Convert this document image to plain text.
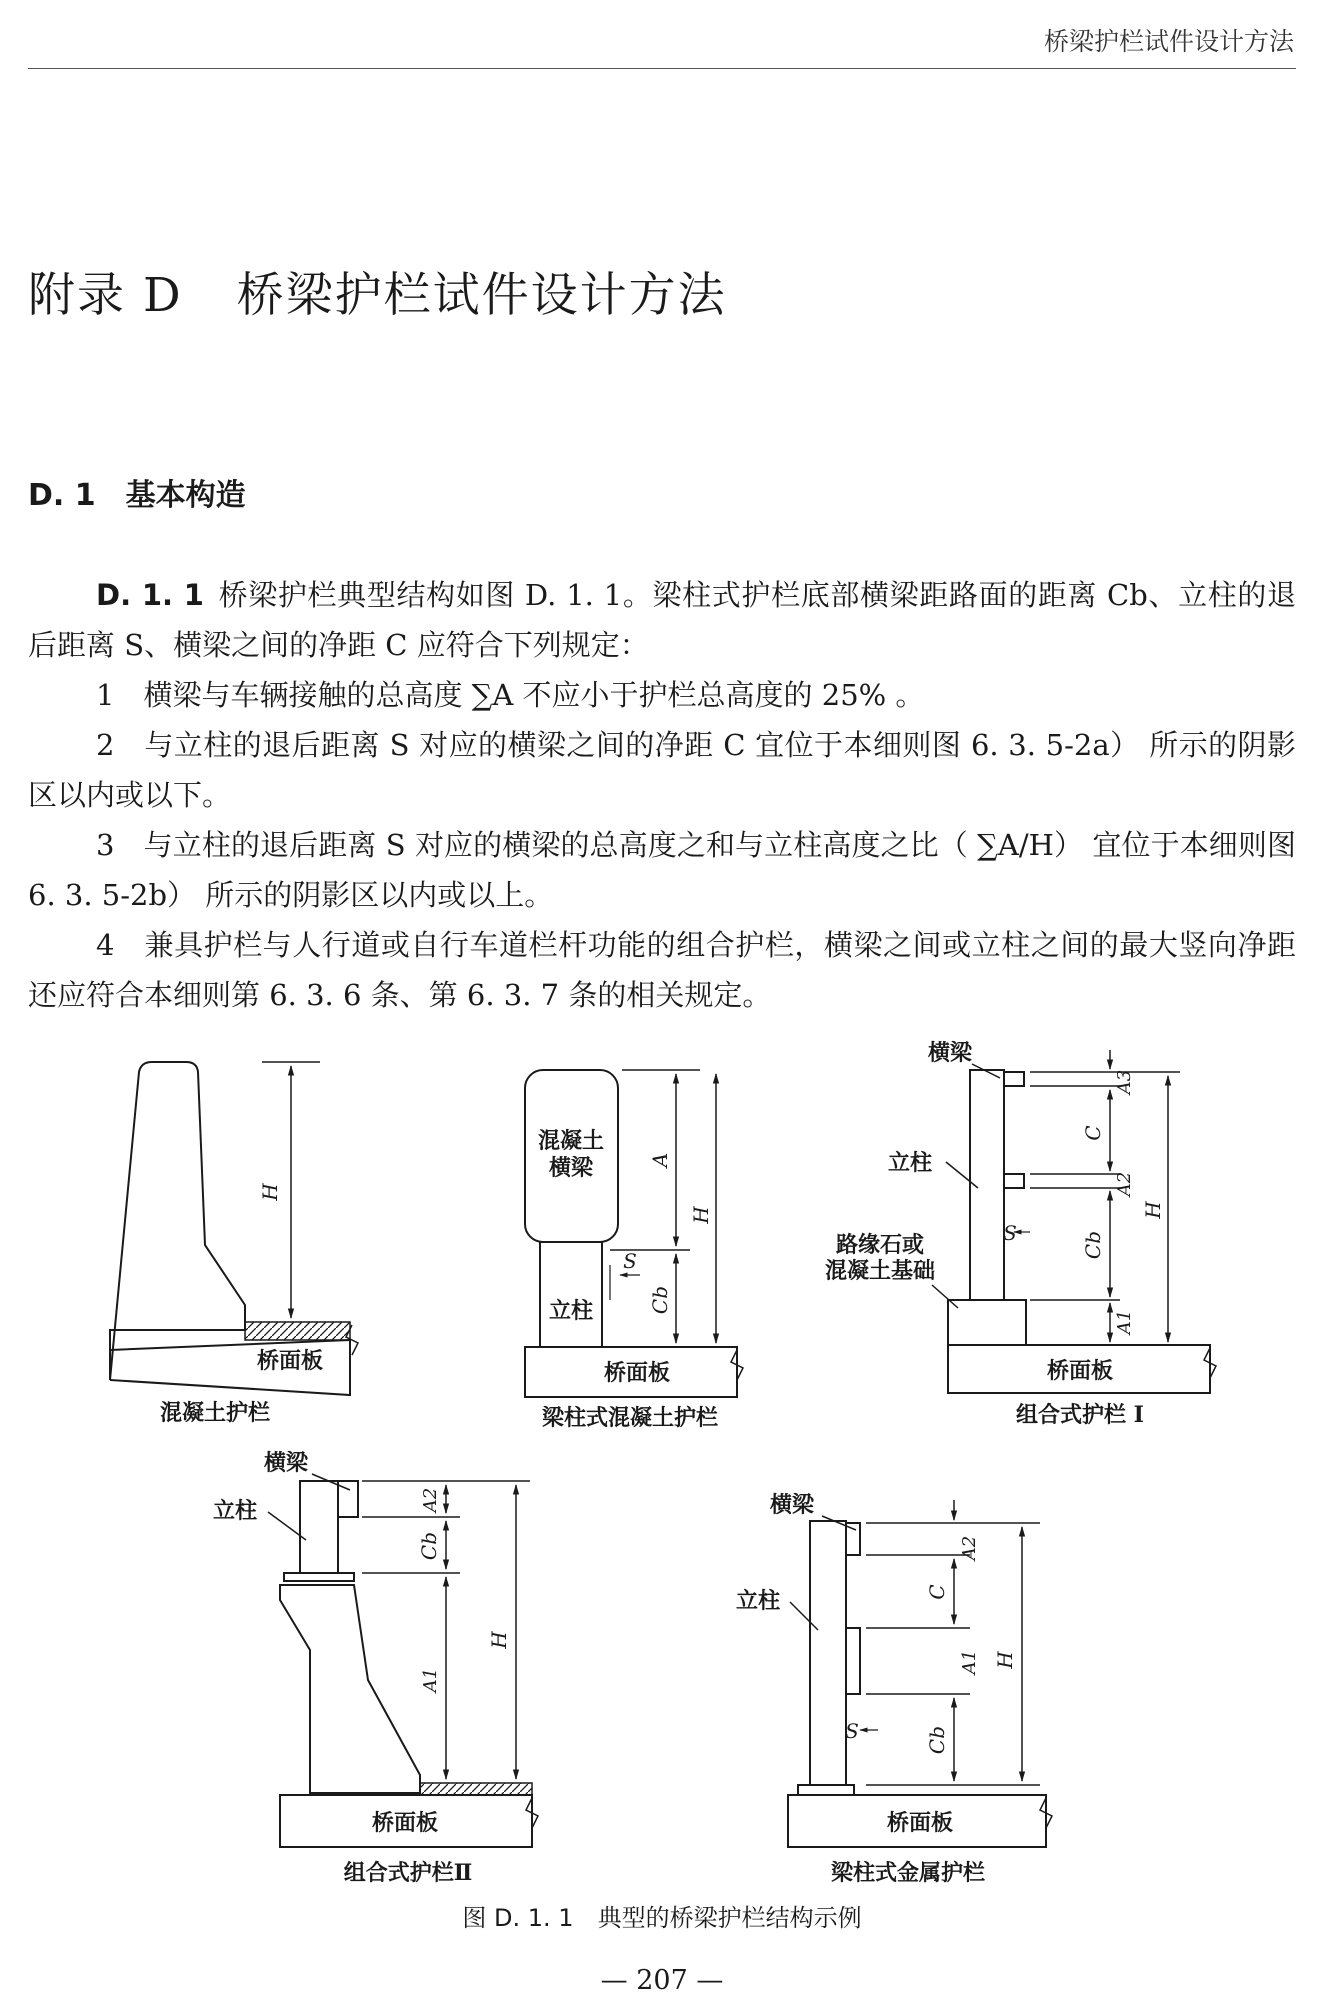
桥梁护栏试件设计方法
附录 D 桥梁护栏试件设计方法
D. 1 基本构造
D. 1. 1 桥梁护栏典型结构如图 D. 1. 1。梁柱式护栏底部横梁距路面的距离 Cb、立柱的退后距离 S、横梁之间的净距 C 应符合下列规定：
1　横梁与车辆接触的总高度 ∑A 不应小于护栏总高度的 25% 。
2　与立柱的退后距离 S 对应的横梁之间的净距 C 宜位于本细则图 6. 3. 5-2a） 所示的阴影区以内或以下。
3　与立柱的退后距离 S 对应的横梁的总高度之和与立柱高度之比（ ∑A/H） 宜位于本细则图 6. 3. 5-2b） 所示的阴影区以内或以上。
4　兼具护栏与人行道或自行车道栏杆功能的组合护栏，横梁之间或立柱之间的最大竖向净距还应符合本细则第 6. 3. 6 条、第 6. 3. 7 条的相关规定。
H
桥面板
混凝土护栏
混凝土
横梁
立柱
桥面板
A
Cb
H
S
梁柱式混凝土护栏
横梁
立柱
路缘石或
混凝土基础
桥面板
A3
C
A2
Cb
A1
H
S
组合式护栏 I
横梁
立柱
桥面板
A2
Cb
A1
H
组合式护栏Ⅱ
横梁
立柱
桥面板
A2
C
A1
Cb
H
S
梁柱式金属护栏
图 D. 1. 1 典型的桥梁护栏结构示例
— 207 —
